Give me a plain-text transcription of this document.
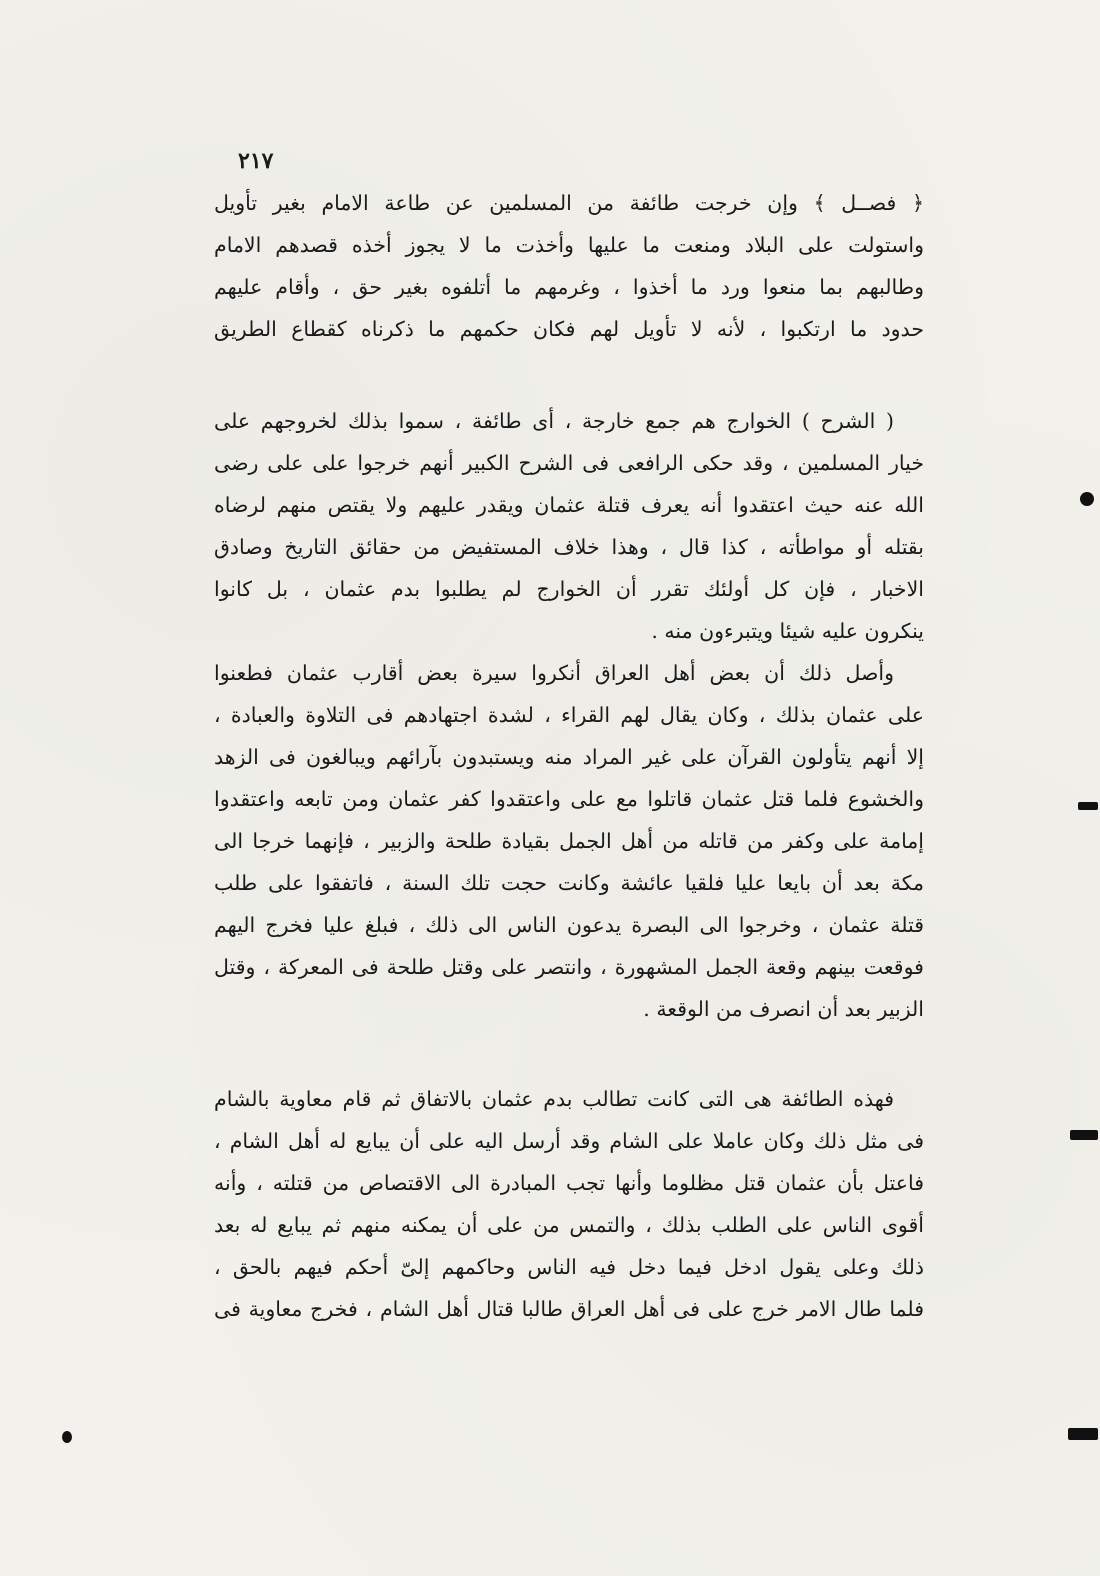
٢١٧
﴿ فصــل ﴾ وإن خرجت طائفة من المسلمين عن طاعة الامام بغير تأويل
واستولت على البلاد ومنعت ما عليها وأخذت ما لا يجوز أخذه قصدهم الامام
وطالبهم بما منعوا ورد ما أخذوا ، وغرمهم ما أتلفوه بغير حق ، وأقام عليهم
حدود ما ارتكبوا ، لأنه لا تأويل لهم فكان حكمهم ما ذكرناه كقطاع الطريق
( الشرح ) الخوارج هم جمع خارجة ، أى طائفة ، سموا بذلك لخروجهم على
خيار المسلمين ، وقد حكى الرافعى فى الشرح الكبير أنهم خرجوا على على رضى
الله عنه حيث اعتقدوا أنه يعرف قتلة عثمان ويقدر عليهم ولا يقتص منهم لرضاه
بقتله أو مواطأته ، كذا قال ، وهذا خلاف المستفيض من حقائق التاريخ وصادق
الاخبار ، فإن كل أولئك تقرر أن الخوارج لم يطلبوا بدم عثمان ، بل كانوا
ينكرون عليه شيئا ويتبرءون منه .
وأصل ذلك أن بعض أهل العراق أنكروا سيرة بعض أقارب عثمان فطعنوا
على عثمان بذلك ، وكان يقال لهم القراء ، لشدة اجتهادهم فى التلاوة والعبادة ،
إلا أنهم يتأولون القرآن على غير المراد منه ويستبدون بآرائهم ويبالغون فى الزهد
والخشوع فلما قتل عثمان قاتلوا مع على واعتقدوا كفر عثمان ومن تابعه واعتقدوا
إمامة على وكفر من قاتله من أهل الجمل بقيادة طلحة والزبير ، فإنهما خرجا الى
مكة بعد أن بايعا عليا فلقيا عائشة وكانت حجت تلك السنة ، فاتفقوا على طلب
قتلة عثمان ، وخرجوا الى البصرة يدعون الناس الى ذلك ، فبلغ عليا فخرج اليهم
فوقعت بينهم وقعة الجمل المشهورة ، وانتصر على وقتل طلحة فى المعركة ، وقتل
الزبير بعد أن انصرف من الوقعة .
فهذه الطائفة هى التى كانت تطالب بدم عثمان بالاتفاق ثم قام معاوية بالشام
فى مثل ذلك وكان عاملا على الشام وقد أرسل اليه على أن يبايع له أهل الشام ،
فاعتل بأن عثمان قتل مظلوما وأنها تجب المبادرة الى الاقتصاص من قتلته ، وأنه
أقوى الناس على الطلب بذلك ، والتمس من على أن يمكنه منهم ثم يبايع له بعد
ذلك وعلى يقول ادخل فيما دخل فيه الناس وحاكمهم إلىّ أحكم فيهم بالحق ،
فلما طال الامر خرج على فى أهل العراق طالبا قتال أهل الشام ، فخرج معاوية فى
